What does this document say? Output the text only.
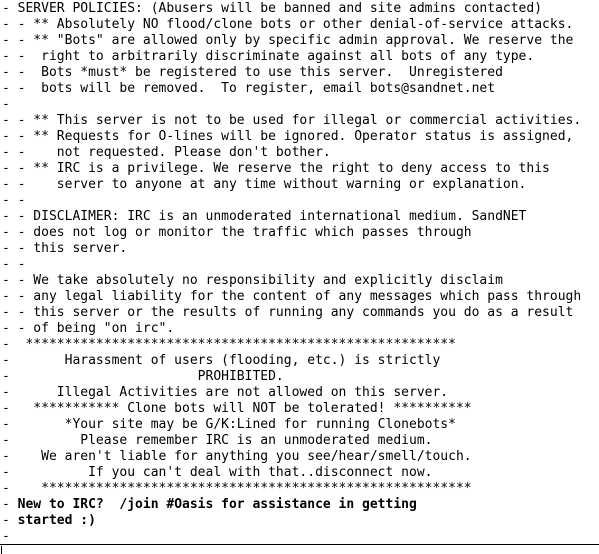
- SERVER POLICIES: (Abusers will be banned and site admins contacted)
- - ** Absolutely NO flood/clone bots or other denial-of-service attacks.
- - ** "Bots" are allowed only by specific admin approval. We reserve the
- -  right to arbitrarily discriminate against all bots of any type.
- -  Bots *must* be registered to use this server.  Unregistered
- -  bots will be removed.  To register, email bots@sandnet.net
-
- - ** This server is not to be used for illegal or commercial activities.
- - ** Requests for O-lines will be ignored. Operator status is assigned,
- -    not requested. Please don't bother.
- - ** IRC is a privilege. We reserve the right to deny access to this
- -    server to anyone at any time without warning or explanation.
- -
- - DISCLAIMER: IRC is an unmoderated international medium. SandNET
- - does not log or monitor the traffic which passes through
- - this server.
- -
- - We take absolutely no responsibility and explicitly disclaim
- - any legal liability for the content of any messages which pass through
- - this server or the results of running any commands you do as a result
- - of being "on irc".
-  *******************************************************
-       Harassment of users (flooding, etc.) is strictly
-                        PROHIBITED.
-      Illegal Activities are not allowed on this server.
-   *********** Clone bots will NOT be tolerated! **********
-       *Your site may be G/K:Lined for running Clonebots*
-         Please remember IRC is an unmoderated medium.
-    We aren't liable for anything you see/hear/smell/touch.
-          If you can't deal with that..disconnect now.
-    *******************************************************
- New to IRC?  /join #Oasis for assistance in getting
- started :)
-
